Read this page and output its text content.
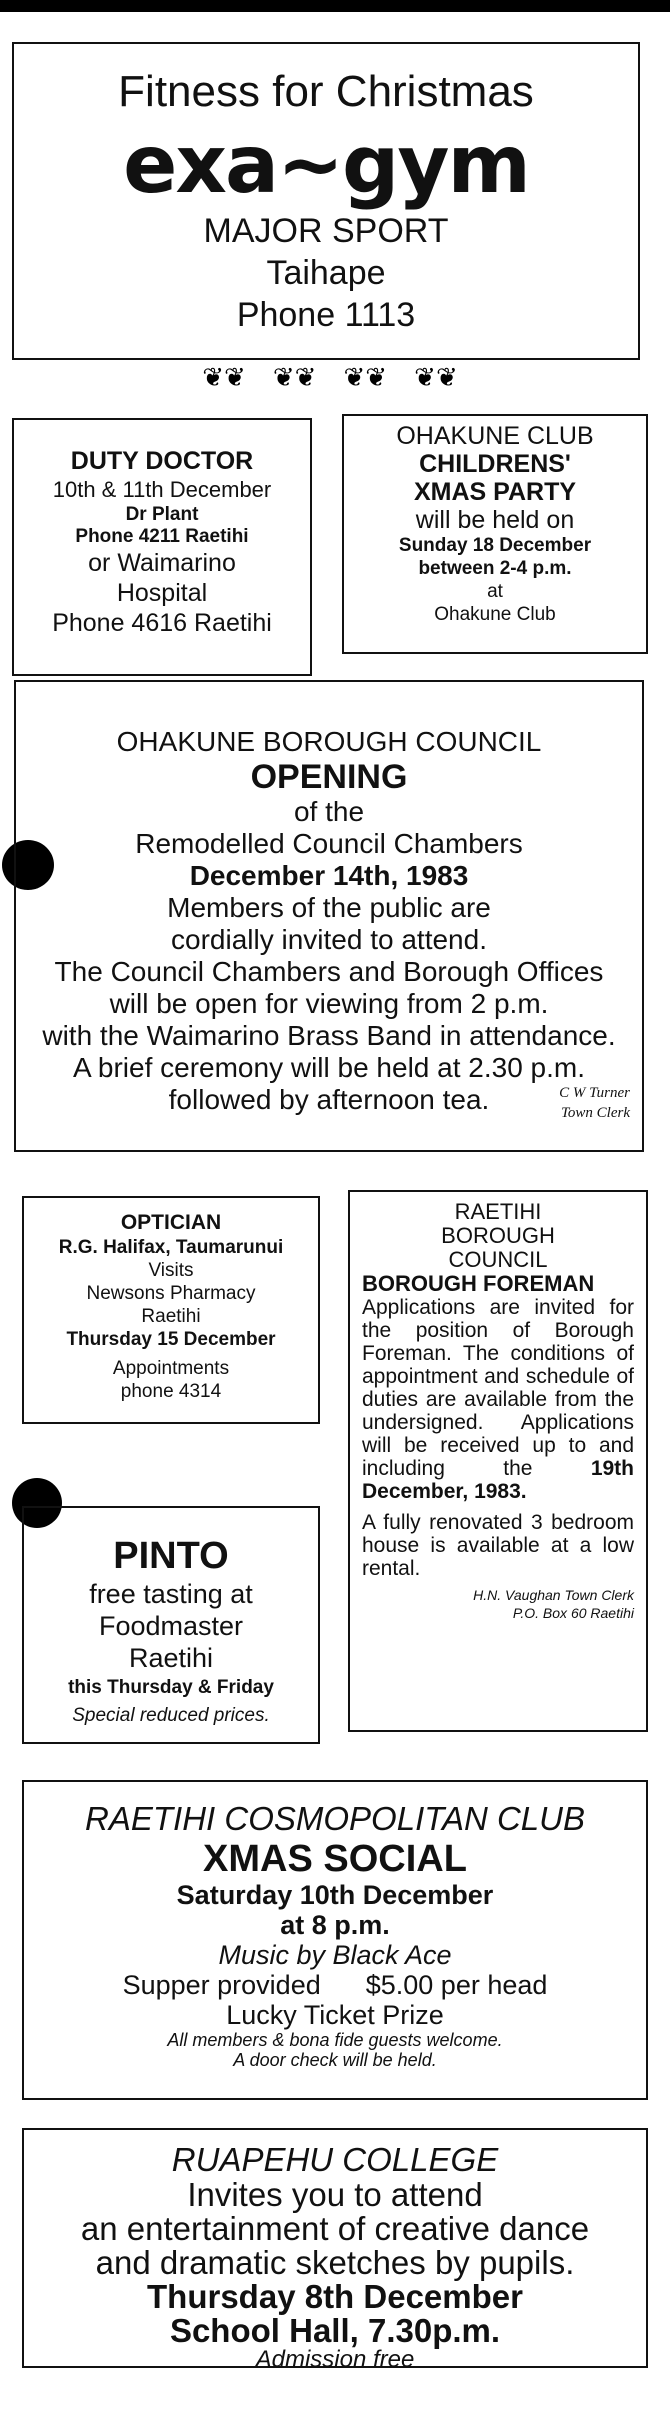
Fitness for Christmas
exa~gym
MAJOR SPORT
Taihape
Phone 1113
❦❦ ❦❦ ❦❦ ❦❦
DUTY DOCTOR
10th & 11th December
Dr Plant
Phone 4211 Raetihi
or Waimarino
Hospital
Phone 4616 Raetihi
OHAKUNE CLUB
CHILDRENS'
XMAS PARTY
will be held on
Sunday 18 December
between 2-4 p.m.
at
Ohakune Club
OHAKUNE BOROUGH COUNCIL
OPENING
of the
Remodelled Council Chambers
December 14th, 1983
Members of the public are
cordially invited to attend.
The Council Chambers and Borough Offices
will be open for viewing from 2 p.m.
with the Waimarino Brass Band in attendance.
A brief ceremony will be held at 2.30 p.m.
followed by afternoon tea.	C W Turner
Town Clerk
OPTICIAN
R.G. Halifax, Taumarunui
Visits
Newsons Pharmacy
Raetihi
Thursday 15 December
Appointments
phone 4314
PINTO
free tasting at
Foodmaster
Raetihi
this Thursday & Friday
Special reduced prices.
RAETIHI
BOROUGH
COUNCIL
BOROUGH FOREMAN
Applications are invited for the position of Borough Foreman. The conditions of appointment and schedule of duties are available from the undersigned. Applications will be received up to and including the	19th December, 1983.
A fully renovated 3 bedroom house is available at a low rental.
H.N. Vaughan Town Clerk
P.O. Box 60 Raetihi
RAETIHI COSMOPOLITAN CLUB
XMAS SOCIAL
Saturday 10th December
at 8 p.m.
Music by Black Ace
Supper provided      $5.00 per head
Lucky Ticket Prize
All members & bona fide guests welcome.
A door check will be held.
RUAPEHU COLLEGE
Invites you to attend
an entertainment of creative dance
and dramatic sketches by pupils.
Thursday 8th December
School Hall, 7.30p.m.
Admission free
